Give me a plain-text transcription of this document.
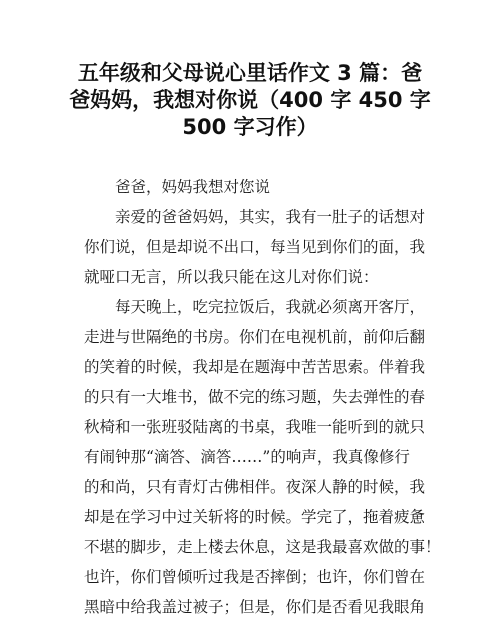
五年级和父母说心里话作文 3 篇：爸
爸妈妈，我想对你说（400 字 450 字
500 字习作）
爸爸，妈妈我想对您说
亲爱的爸爸妈妈，其实，我有一肚子的话想对
你们说，但是却说不出口，每当见到你们的面，我
就哑口无言，所以我只能在这儿对你们说：
每天晚上，吃完拉饭后，我就必须离开客厅，
走进与世隔绝的书房。你们在电视机前，前仰后翻
的笑着的时候，我却是在题海中苦苦思索。伴着我
的只有一大堆书，做不完的练习题，失去弹性的春
秋椅和一张班驳陆离的书桌，我唯一能听到的就只
有闹钟那“滴答、滴答……”的响声，我真像修行
的和尚，只有青灯古佛相伴。夜深人静的时候，我
却是在学习中过关斩将的时候。学完了，拖着疲惫
不堪的脚步，走上楼去休息，这是我最喜欢做的事！
也许，你们曾倾听过我是否摔倒；也许，你们曾在
黑暗中给我盖过被子；但是，你们是否看见我眼角
